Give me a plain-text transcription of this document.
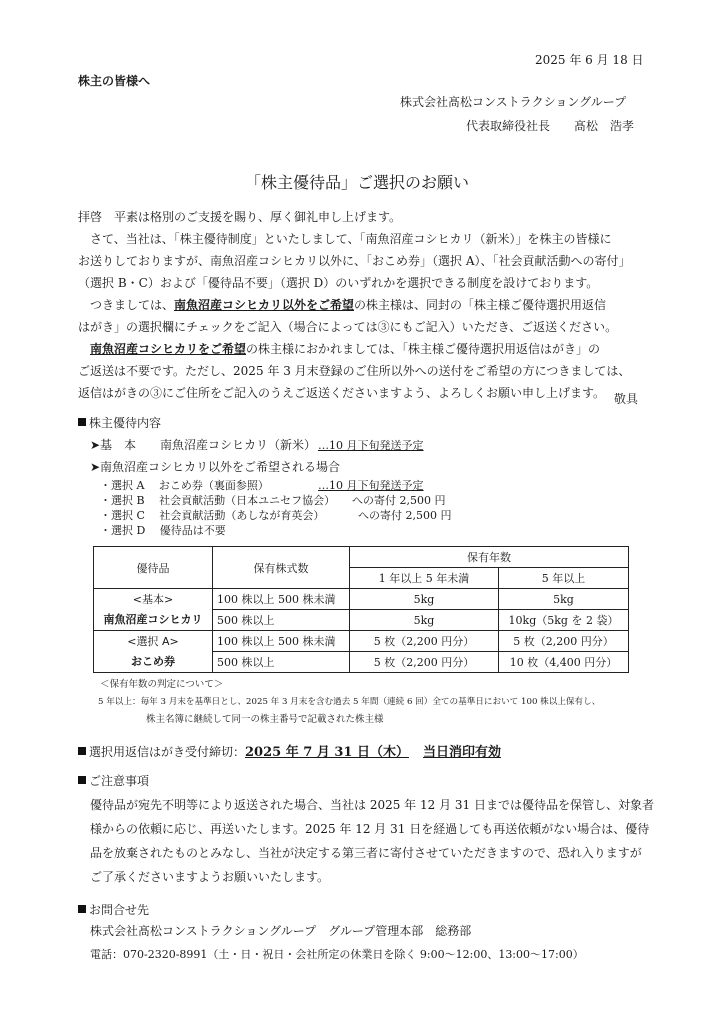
2025 年 6 月 18 日
株主の皆様へ
株式会社髙松コンストラクショングループ
代表取締役社長　　髙松　浩孝
「株主優待品」ご選択のお願い
拝啓　平素は格別のご支援を賜り、厚く御礼申し上げます。
さて、当社は、「株主優待制度」といたしまして、「南魚沼産コシヒカリ（新米）」を株主の皆様に
お送りしておりますが、南魚沼産コシヒカリ以外に、「おこめ券」（選択 A）、「社会貢献活動への寄付」
（選択 B・C）および「優待品不要」（選択 D）のいずれかを選択できる制度を設けております。
つきましては、南魚沼産コシヒカリ以外をご希望の株主様は、同封の「株主様ご優待選択用返信
はがき」の選択欄にチェックをご記入（場合によっては③にもご記入）いただき、ご返送ください。
南魚沼産コシヒカリをご希望の株主様におかれましては、「株主様ご優待選択用返信はがき」の
ご返送は不要です。ただし、2025 年 3 月末登録のご住所以外への送付をご希望の方につきましては、
返信はがきの③にご住所をご記入のうえご返送くださいますよう、よろしくお願い申し上げます。 敬具
株主優待内容
➤基　本　　南魚沼産コシヒカリ（新米） …10 月下旬発送予定
➤南魚沼産コシヒカリ以外をご希望される場合
・選択 A　 おこめ券（裏面参照）	…10 月下旬発送予定
・選択 B　 社会貢献活動（日本ユニセフ協会） への寄付 2,500 円
・選択 C　 社会貢献活動（あしなが育英会）	への寄付 2,500 円
・選択 D　 優待品は不要
優待品	保有株式数	保有年数	
		1 年以上 5 年未満	5 年以上

<基本>
南魚沼産コシヒカリ	100 株以上 500 株未満	5kg	5kg
	500 株以上	5kg	10kg（5kg を 2 袋）

<選択 A>
おこめ券	100 株以上 500 株未満	5 枚（2,200 円分）	5 枚（2,200 円分）
	500 株以上	5 枚（2,200 円分）	10 枚（4,400 円分）
＜保有年数の判定について＞
5 年以上：毎年 3 月末を基準日とし、2025 年 3 月末を含む過去 5 年間（連続 6 回）全ての基準日において 100 株以上保有し、
株主名簿に継続して同一の株主番号で記載された株主様
選択用返信はがき受付締切：2025 年 7 月 31 日（木） 当日消印有効
ご注意事項
優待品が宛先不明等により返送された場合、当社は 2025 年 12 月 31 日までは優待品を保管し、対象者
様からの依頼に応じ、再送いたします。2025 年 12 月 31 日を経過しても再送依頼がない場合は、優待
品を放棄されたものとみなし、当社が決定する第三者に寄付させていただきますので、恐れ入りますが
ご了承くださいますようお願いいたします。
お問合せ先
株式会社髙松コンストラクショングループ　グループ管理本部　総務部
電話：070-2320-8991（土・日・祝日・会社所定の休業日を除く 9:00～12:00、13:00～17:00）
